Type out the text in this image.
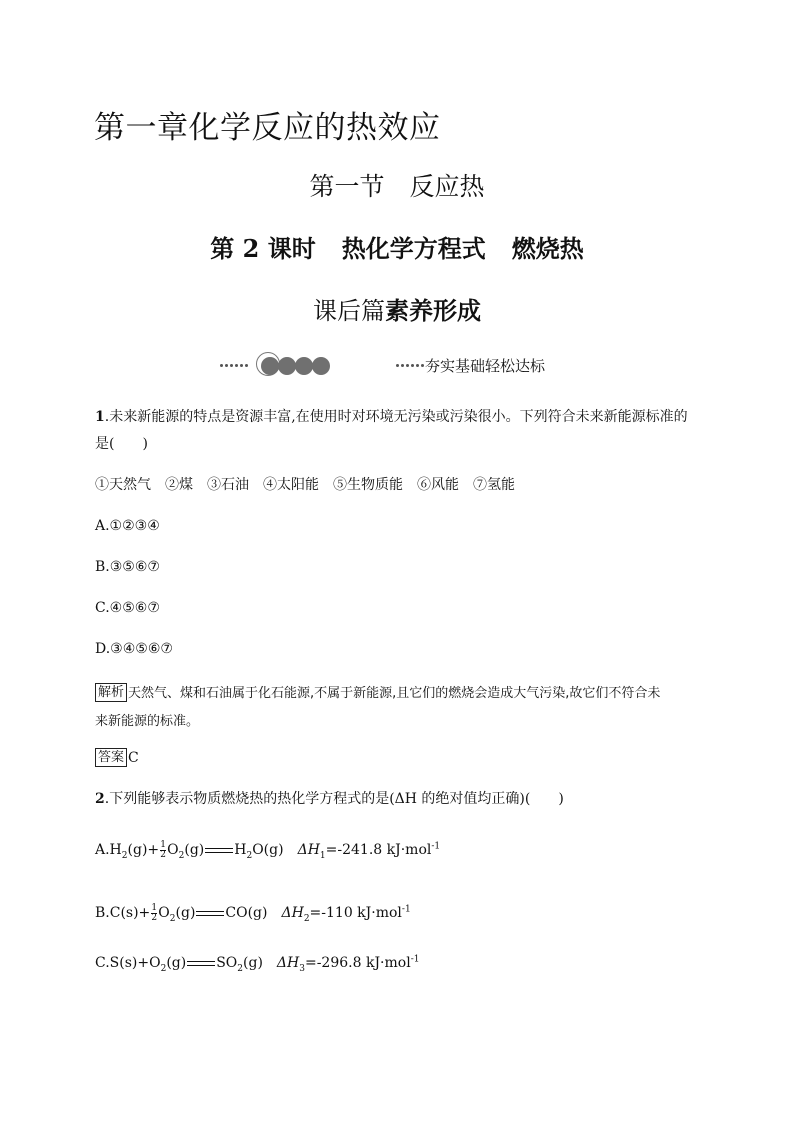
第一章化学反应的热效应
第一节　反应热
第 2 课时 热化学方程式 燃烧热
课后篇素养形成
夯实基础轻松达标
1.未来新能源的特点是资源丰富,在使用时对环境无污染或污染很小。下列符合未来新能源标准的
是(　　)
①天然气　②煤　③石油　④太阳能　⑤生物质能　⑥风能　⑦氢能
A.①②③④
B.③⑤⑥⑦
C.④⑤⑥⑦
D.③④⑤⑥⑦
解析 天然气、煤和石油属于化石能源,不属于新能源,且它们的燃烧会造成大气污染,故它们不符合未
来新能源的标准。
答案 C
2.下列能够表示物质燃烧热的热化学方程式的是(ΔH 的绝对值均正确)(　　)
$A.H_2(g)+ \frac{1}{2} O_2(g)$ $H_2O(g)$ $\Delta H_1=-241.8$ kJ·mol$^{-1}$
$B.C(s)+ \frac{1}{2} O_2(g)$ CO(g) $\Delta H_2=-110$ kJ·mol$^{-1}$
$C.S(s)+O_2(g)$ $SO_2(g)$ $\Delta H_3=-296.8$ kJ·mol$^{-1}$
